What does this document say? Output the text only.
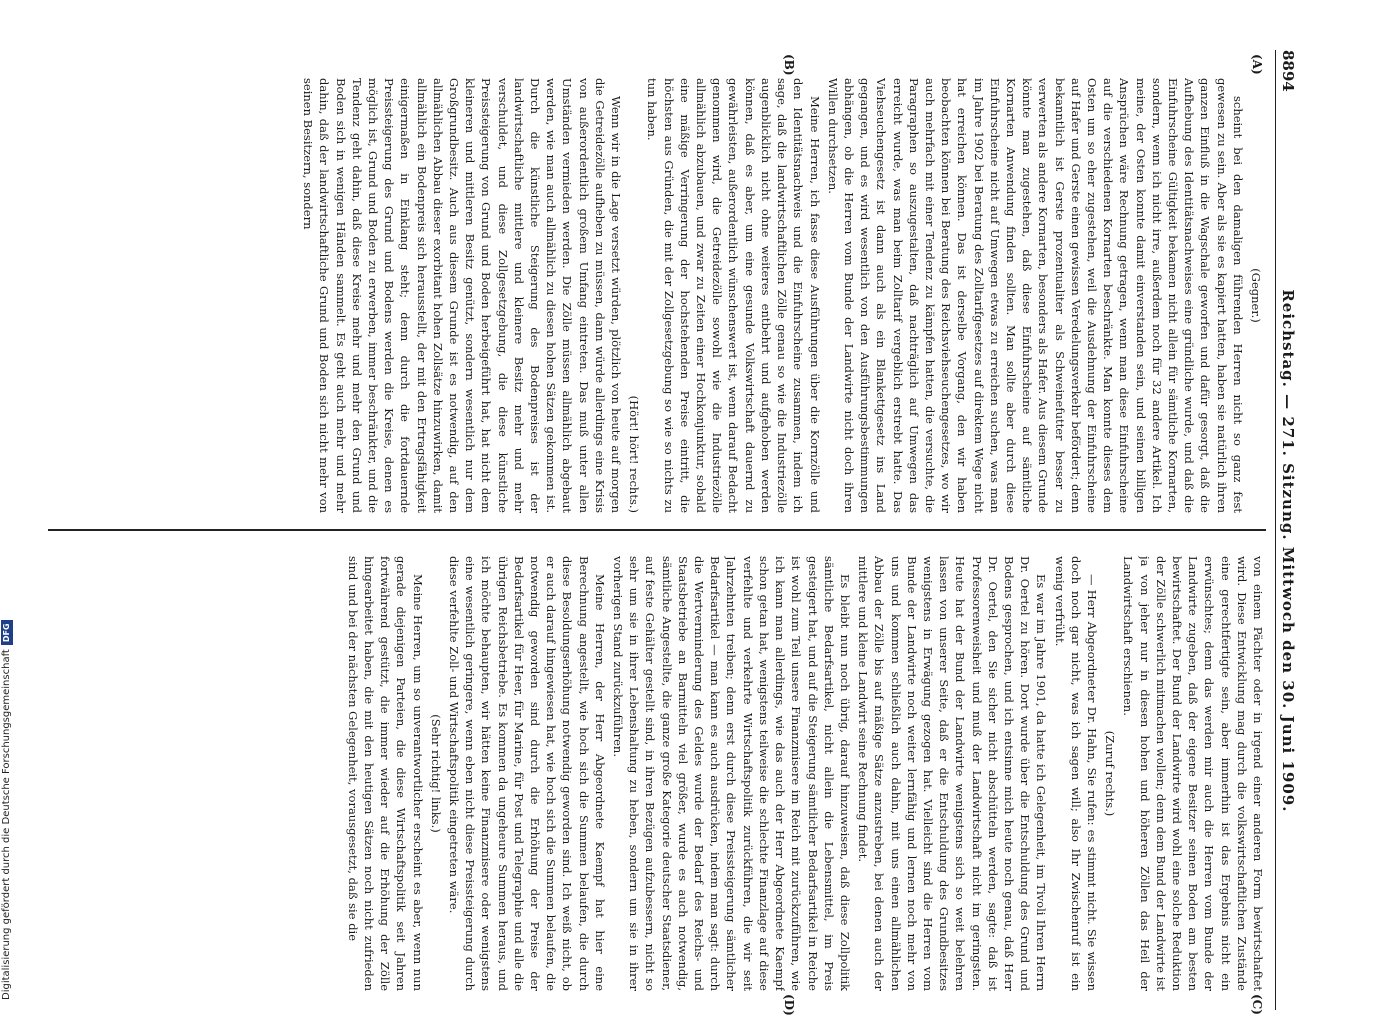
8894
Reichstag. — 271. Sitzung. Mittwoch den 30. Juni 1909.
(A)
(B)
(C)
(D)

(Gegner.)

scheint bei den damaligen führenden Herren nicht so ganz fest gewesen zu sein. Aber als sie es kapiert hatten, haben sie natürlich ihren ganzen Einfluß in die Wagschale geworfen und dafür gesorgt, daß die Aufhebung des Identitätsnachweises eine gründliche wurde, und daß die Einfuhrscheine Gültigkeit bekamen nicht allein für sämtliche Kornarten, sondern, wenn ich nicht irre, außerdem noch für 32 andere Artikel. Ich meine, der Osten konnte damit einverstanden sein, und seinen billigen Ansprüchen wäre Rechnung getragen, wenn man diese Einfuhrscheine auf die verschiedenen Kornarten beschränkte. Man konnte dieses dem Osten um so eher zugestehen, weil die Ausdehnung der Einfuhrscheine auf Hafer und Gerste einen gewissen Veredelungsverkehr befördert; denn bekanntlich ist Gerste prozentualiter als Schweinefutter besser zu verwerten als andere Kornarten, besonders als Hafer. Aus diesem Grunde könnte man zugestehen, daß diese Einfuhrscheine auf sämtliche Kornarten Anwendung finden sollten. Man sollte aber durch diese Einfuhrscheine nicht auf Umwegen etwas zu erreichen suchen, was man im Jahre 1902 bei Beratung des Zolltarifgesetzes auf direktem Wege nicht hat erreichen können. Das ist derselbe Vorgang, den wir haben beobachten können bei Beratung des Reichsviehseuchengesetzes, wo wir auch mehrfach mit einer Tendenz zu kämpfen hatten, die versuchte, die Paragraphen so auszugestalten, daß nachträglich auf Umwegen das erreicht wurde, was man beim Zolltarif vergeblich erstrebt hatte. Das Viehseuchengesetz ist dann auch als ein Blankettgesetz ins Land gegangen, und es wird wesentlich von den Ausführungsbestimmungen abhängen, ob die Herren vom Bunde der Landwirte nicht doch ihren Willen durchsetzen.

Meine Herren, ich fasse diese Ausführungen über die Kornzölle und den Identitätsnachweis und die Einfuhrscheine zusammen, indem ich sage, daß die landwirtschaftlichen Zölle genau so wie die Industriezölle augenblicklich nicht ohne weiteres entbehrt und aufgehoben werden können, daß es aber, um eine gesunde Volkswirtschaft dauernd zu gewährleisten, außerordentlich wünschenswert ist, wenn darauf Bedacht genommen wird, die Getreidezölle sowohl wie die Industriezölle allmählich abzubauen, und zwar zu Zeiten einer Hochkonjunktur, sobald eine mäßige Verringerung der hochstehenden Preise eintritt, die höchsten aus Gründen, die mit der Zollgesetzgebung so wie so nichts zu tun haben.

(Hört! hört! rechts.)

Wenn wir in die Lage versetzt würden, plötzlich von heute auf morgen die Getreidezölle aufheben zu müssen, dann würde allerdings eine Krisis von außerordentlich großem Umfang eintreten. Das muß unter allen Umständen vermieden werden. Die Zölle müssen allmählich abgebaut werden, wie man auch allmählich zu diesen hohen Sätzen gekommen ist. Durch die künstliche Steigerung des Bodenpreises ist der landwirtschaftliche mittlere und kleinere Besitz mehr und mehr verschuldet, und diese Zollgesetzgebung, die diese künstliche Preissteigerung von Grund und Boden herbeigeführt hat, hat nicht dem kleineren und mittleren Besitz genützt, sondern wesentlich nur dem Großgrundbesitz. Auch aus diesem Grunde ist es notwendig, auf den allmählichen Abbau dieser exorbitant hohen Zollsätze hinzuwirken, damit allmählich ein Bodenpreis sich herausstellt, der mit den Ertragsfähigkeit einigermaßen in Einklang steht; denn durch die fortdauernde Preissteigerung des Grund und Bodens werden die Kreise, denen es möglich ist, Grund und Boden zu erwerben, immer beschränkter, und die Tendenz geht dahin, daß diese Kreise mehr und mehr den Grund und Boden sich in wenigen Händen sammelt. Es geht auch mehr und mehr dahin, daß der landwirtschaftliche Grund und Boden sich nicht mehr von seinen Besitzern, sondern

von einem Pächter oder in irgend einer anderen Form bewirtschaftet wird. Diese Entwicklung mag durch die volkswirtschaftlichen Zustände eine gerechtfertigte sein, aber immerhin ist das Ergebnis nicht ein erwünschtes; denn das werden mir auch die Herren vom Bunde der Landwirte zugeben, daß der eigene Besitzer seinen Boden am besten bewirtschaftet. Der Bund der Landwirte wird wohl eine solche Reduktion der Zölle schwerlich mitmachen wollen; denn dem Bund der Landwirte ist ja von jeher nur in diesen hohen und höheren Zöllen das Heil der Landwirtschaft erschienen.

(Zuruf rechts.)

— Herr Abgeordneter Dr. Hahn, Sie rufen: es stimmt nicht. Sie wissen doch noch gar nicht, was ich sagen will; also Ihr Zwischenruf ist ein wenig verfrüht.

Es war im Jahre 1901, da hatte ich Gelegenheit, im Tivoli Ihren Herrn Dr. Oertel zu hören. Dort wurde über die Entschuldung des Grund und Bodens gesprochen, und ich entsinne mich heute noch genau, daß Herr Dr. Oertel, den Sie sicher nicht abschütteln werden, sagte: daß ist Professorenweisheit und muß der Landwirtschaft nicht im geringsten. Heute hat der Bund der Landwirte wenigstens sich so weit belehren lassen von unserer Seite, daß er die Entschuldung des Grundbesitzes wenigstens in Erwägung gezogen hat. Vielleicht sind die Herren vom Bunde der Landwirte noch weiter lernfähig und lernen noch mehr von uns und kommen schließlich auch dahin, mit uns einen allmählichen Abbau der Zölle bis auf mäßige Sätze anzustreben, bei denen auch der mittlere und kleine Landwirt seine Rechnung findet.

Es bleibt nun noch übrig, darauf hinzuweisen, daß diese Zollpolitik sämtliche Bedarfsartikel, nicht allein die Lebensmittel, im Preis gesteigert hat, und auf die Steigerung sämtlicher Bedarfsartikel in Reiche ist wohl zum Teil unsere Finanzmisere im Reich mit zurückzuführen, wie ich kann man allerdings, wie das auch der Herr Abgeordnete Kaempf schon getan hat, wenigstens teilweise die schlechte Finanzlage auf diese verfehlte und verkehrte Wirtschaftspolitik zurückführen, die wir seit Jahrzehnten treiben; denn erst durch diese Preissteigerung sämtlicher Bedarfsartikel — man kann es auch ausdrücken, indem man sagt: durch die Wertverminderung des Geldes wurde der Bedarf des Reichs- und Staatsbetriebe an Barmitteln viel größer, wurde es auch notwendig, sämtliche Angestellte, die ganze große Kategorie deutscher Staatsdiener, auf feste Gehälter gestellt sind, in ihren Bezügen aufzubessern, nicht so sehr um sie in ihrer Lebenshaltung zu heben, sondern um sie in ihrer vorherigen Stand zurückzuführen.

Meine Herren, der Herr Abgeordnete Kaempf hat hier eine Berechnung angestellt, wie hoch sich die Summen belaufen, die durch diese Besoldungserhöhung notwendig geworden sind. Ich weiß nicht, ob er auch darauf hingewiesen hat, wie hoch sich die Summen belaufen, die notwendig geworden sind durch die Erhöhung der Preise der Bedarfsartikel für Heer, für Marine, für Post und Telegraphie und alle die übrigen Reichsbetriebe. Es kommen da ungeheure Summen heraus, und ich möchte behaupten, wir hätten keine Finanzmisere oder wenigstens eine wesentlich geringere, wenn eben nicht diese Preissteigerung durch diese verfehlte Zoll- und Wirtschaftspolitik eingetreten wäre.

(Sehr richtig! links.)

Meine Herren, um so unverantwortlicher erscheint es aber, wenn nun gerade diejenigen Parteien, die diese Wirtschaftspolitik seit Jahren fortwährend gestützt, die immer wieder auf die Erhöhung der Zölle hingearbeitet haben, die mit den heutigen Sätzen noch nicht zufrieden sind und bei der nächsten Gelegenheit, vorausgesetzt, daß sie die

Digitalisierung gefördert durch die Deutsche Forschungsgemeinschaft
DFG
